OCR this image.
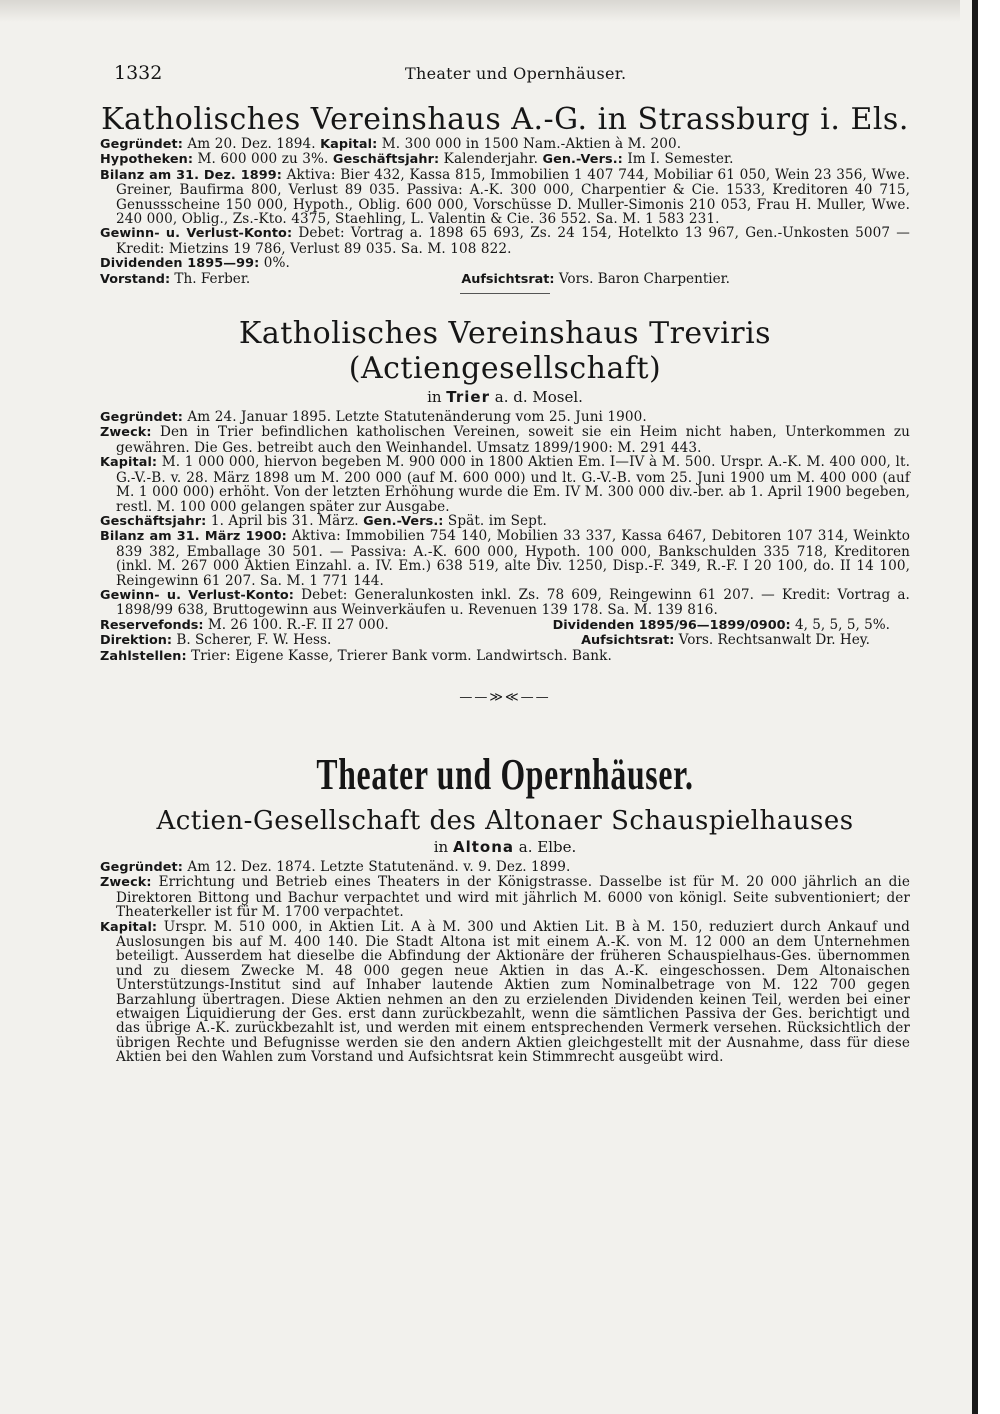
1332	Theater und Opernhäuser.
Katholisches Vereinshaus A.-G. in Strassburg i. Els.

Gegründet: Am 20. Dez. 1894. Kapital: M. 300 000 in 1500 Nam.-Aktien à M. 200.

Hypotheken: M. 600 000 zu 3%. Geschäftsjahr: Kalenderjahr. Gen.-Vers.: Im I. Semester.

Bilanz am 31. Dez. 1899: Aktiva: Bier 432, Kassa 815, Immobilien 1 407 744, Mobiliar 61 050, Wein 23 356, Wwe. Greiner, Baufirma 800, Verlust 89 035. Passiva: A.-K. 300 000, Charpentier & Cie. 1533, Kreditoren 40 715, Genussscheine 150 000, Hypoth., Oblig. 600 000, Vorschüsse D. Muller-Simonis 210 053, Frau H. Muller, Wwe. 240 000, Oblig., Zs.-Kto. 4375, Staehling, L. Valentin & Cie. 36 552. Sa. M. 1 583 231.

Gewinn- u. Verlust-Konto: Debet: Vortrag a. 1898 65 693, Zs. 24 154, Hotelkto 13 967, Gen.-Unkosten 5007 — Kredit: Mietzins 19 786, Verlust 89 035. Sa. M. 108 822.

Dividenden 1895—99: 0%.

Vorstand: Th. Ferber.	Aufsichtsrat: Vors. Baron Charpentier.
Katholisches Vereinshaus Treviris (Actiengesellschaft)
in Trier a. d. Mosel.

Gegründet: Am 24. Januar 1895. Letzte Statutenänderung vom 25. Juni 1900.

Zweck: Den in Trier befindlichen katholischen Vereinen, soweit sie ein Heim nicht haben, Unterkommen zu gewähren. Die Ges. betreibt auch den Weinhandel. Umsatz 1899/1900: M. 291 443.

Kapital: M. 1 000 000, hiervon begeben M. 900 000 in 1800 Aktien Em. I—IV à M. 500. Urspr. A.-K. M. 400 000, lt. G.-V.-B. v. 28. März 1898 um M. 200 000 (auf M. 600 000) und lt. G.-V.-B. vom 25. Juni 1900 um M. 400 000 (auf M. 1 000 000) erhöht. Von der letzten Erhöhung wurde die Em. IV M. 300 000 div.-ber. ab 1. April 1900 begeben, restl. M. 100 000 gelangen später zur Ausgabe.

Geschäftsjahr: 1. April bis 31. März. Gen.-Vers.: Spät. im Sept.

Bilanz am 31. März 1900: Aktiva: Immobilien 754 140, Mobilien 33 337, Kassa 6467, Debitoren 107 314, Weinkto 839 382, Emballage 30 501. — Passiva: A.-K. 600 000, Hypoth. 100 000, Bankschulden 335 718, Kreditoren (inkl. M. 267 000 Aktien Einzahl. a. IV. Em.) 638 519, alte Div. 1250, Disp.-F. 349, R.-F. I 20 100, do. II 14 100, Reingewinn 61 207. Sa. M. 1 771 144.

Gewinn- u. Verlust-Konto: Debet: Generalunkosten inkl. Zs. 78 609, Reingewinn 61 207. — Kredit: Vortrag a. 1898/99 638, Bruttogewinn aus Weinverkäufen u. Revenuen 139 178. Sa. M. 139 816.

Reservefonds: M. 26 100. R.-F. II 27 000.	Dividenden 1895/96—1899/0900: 4, 5, 5, 5, 5%.
Direktion: B. Scherer, F. W. Hess.	Aufsichtsrat: Vors. Rechtsanwalt Dr. Hey.

Zahlstellen: Trier: Eigene Kasse, Trierer Bank vorm. Landwirtsch. Bank.

——≫≪——
Theater und Opernhäuser.
Actien-Gesellschaft des Altonaer Schauspielhauses
in Altona a. Elbe.

Gegründet: Am 12. Dez. 1874. Letzte Statutenänd. v. 9. Dez. 1899.

Zweck: Errichtung und Betrieb eines Theaters in der Königstrasse. Dasselbe ist für M. 20 000 jährlich an die Direktoren Bittong und Bachur verpachtet und wird mit jährlich M. 6000 von königl. Seite subventioniert; der Theaterkeller ist für M. 1700 verpachtet.

Kapital: Urspr. M. 510 000, in Aktien Lit. A à M. 300 und Aktien Lit. B à M. 150, reduziert durch Ankauf und Auslosungen bis auf M. 400 140. Die Stadt Altona ist mit einem A.-K. von M. 12 000 an dem Unternehmen beteiligt. Ausserdem hat dieselbe die Abfindung der Aktionäre der früheren Schauspielhaus-Ges. übernommen und zu diesem Zwecke M. 48 000 gegen neue Aktien in das A.-K. eingeschossen. Dem Altonaischen Unterstützungs-Institut sind auf Inhaber lautende Aktien zum Nominalbetrage von M. 122 700 gegen Barzahlung übertragen. Diese Aktien nehmen an den zu erzielenden Dividenden keinen Teil, werden bei einer etwaigen Liquidierung der Ges. erst dann zurückbezahlt, wenn die sämtlichen Passiva der Ges. berichtigt und das übrige A.-K. zurückbezahlt ist, und werden mit einem entsprechenden Vermerk versehen. Rücksichtlich der übrigen Rechte und Befugnisse werden sie den andern Aktien gleichgestellt mit der Ausnahme, dass für diese Aktien bei den Wahlen zum Vorstand und Aufsichtsrat kein Stimmrecht ausgeübt wird.
